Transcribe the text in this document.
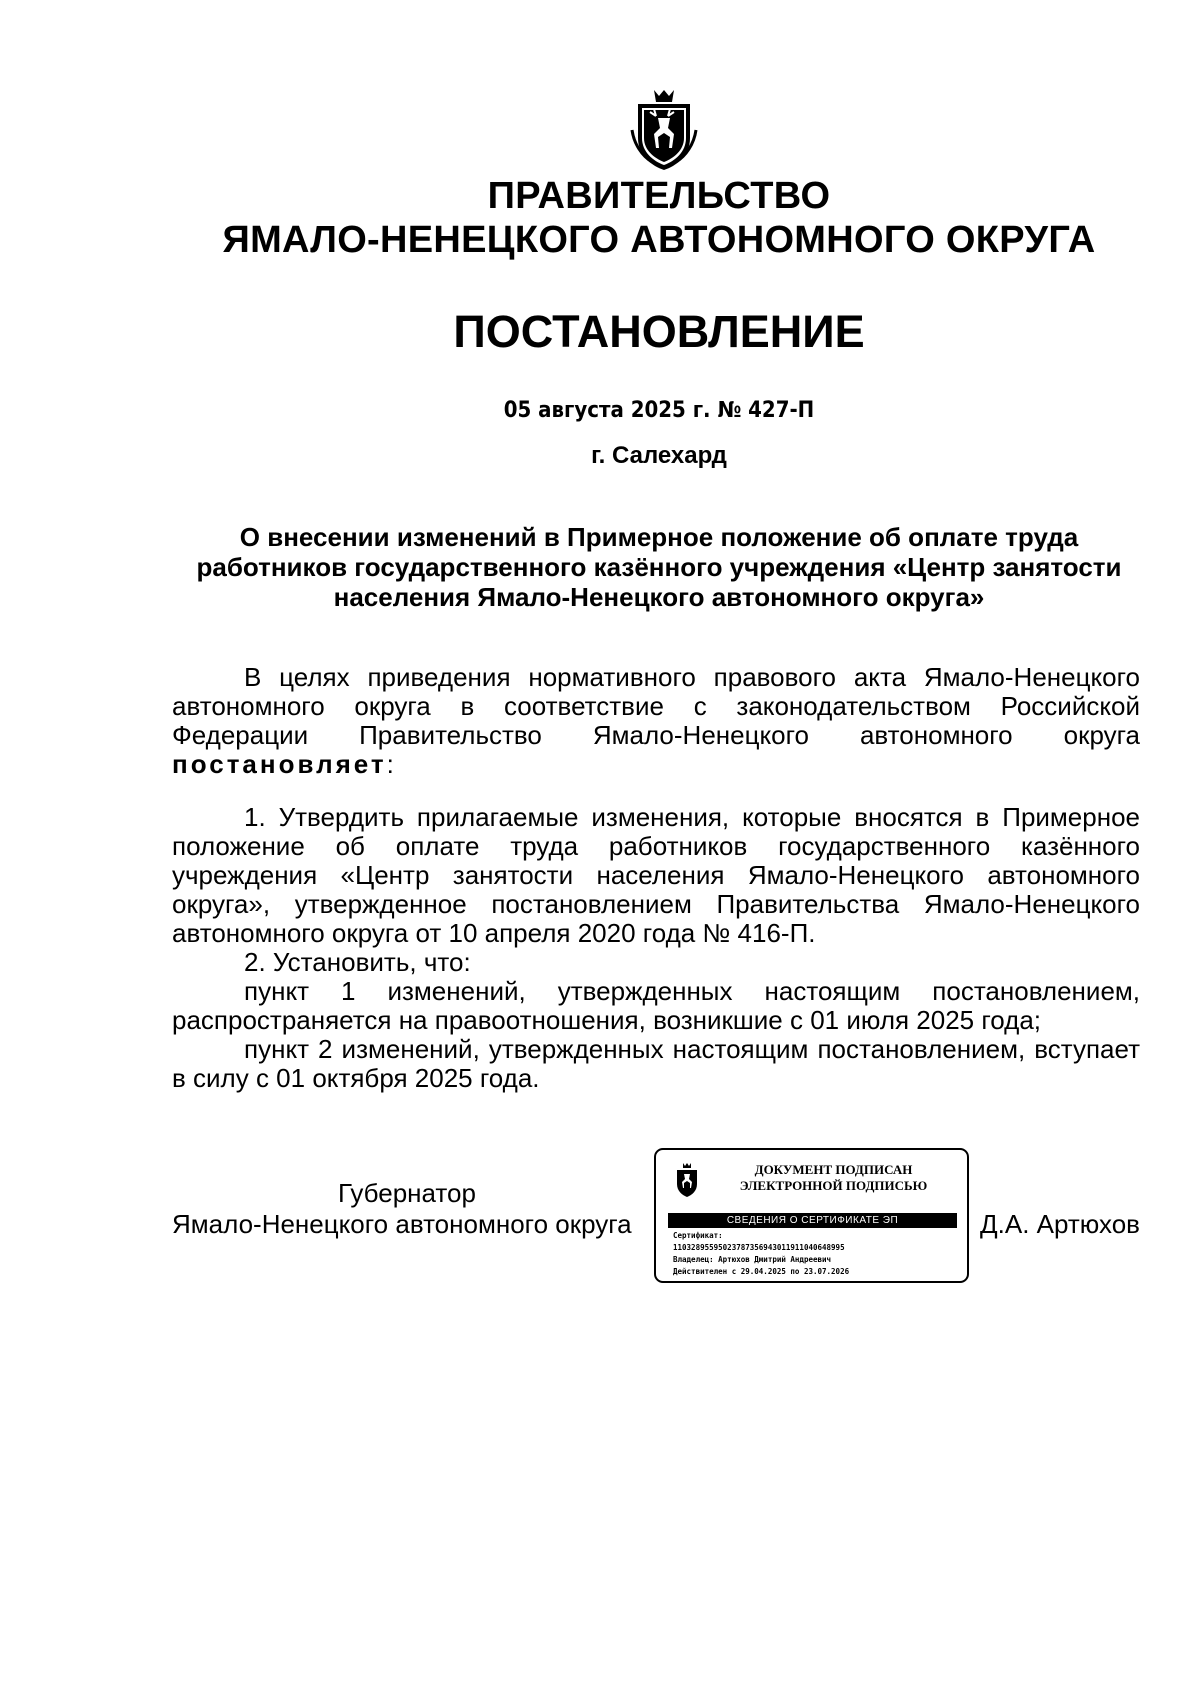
ПРАВИТЕЛЬСТВО
ЯМАЛО-НЕНЕЦКОГО АВТОНОМНОГО ОКРУГА
ПОСТАНОВЛЕНИЕ
05 августа 2025 г. № 427-П
г. Салехард
О внесении изменений в Примерное положение об оплате труда работников государственного казённого учреждения «Центр занятости населения Ямало-Ненецкого автономного округа»

В целях приведения нормативного правового акта Ямало-Ненецкого автономного округа в соответствие с законодательством Российской Федерации Правительство Ямало-Ненецкого автономного округа постановляет:

1. Утвердить прилагаемые изменения, которые вносятся в Примерное положение об оплате труда работников государственного казённого учреждения «Центр занятости населения Ямало-Ненецкого автономного округа», утвержденное постановлением Правительства Ямало-Ненецкого автономного округа от 10 апреля 2020 года № 416-П.

2. Установить, что:

пункт 1 изменений, утвержденных настоящим постановлением, распространяется на правоотношения, возникшие с 01 июля 2025 года;

пункт 2 изменений, утвержденных настоящим постановлением, вступает в силу с 01 октября 2025 года.

Губернатор
Ямало-Ненецкого автономного округа
ДОКУМЕНТ ПОДПИСАН
ЭЛЕКТРОННОЙ ПОДПИСЬЮ
СВЕДЕНИЯ О СЕРТИФИКАТЕ ЭП
Сертификат:
11032895595023787356943011911040648995
Владелец: Артюхов Дмитрий Андреевич
Действителен с 29.04.2025 по 23.07.2026
Д.А. Артюхов
